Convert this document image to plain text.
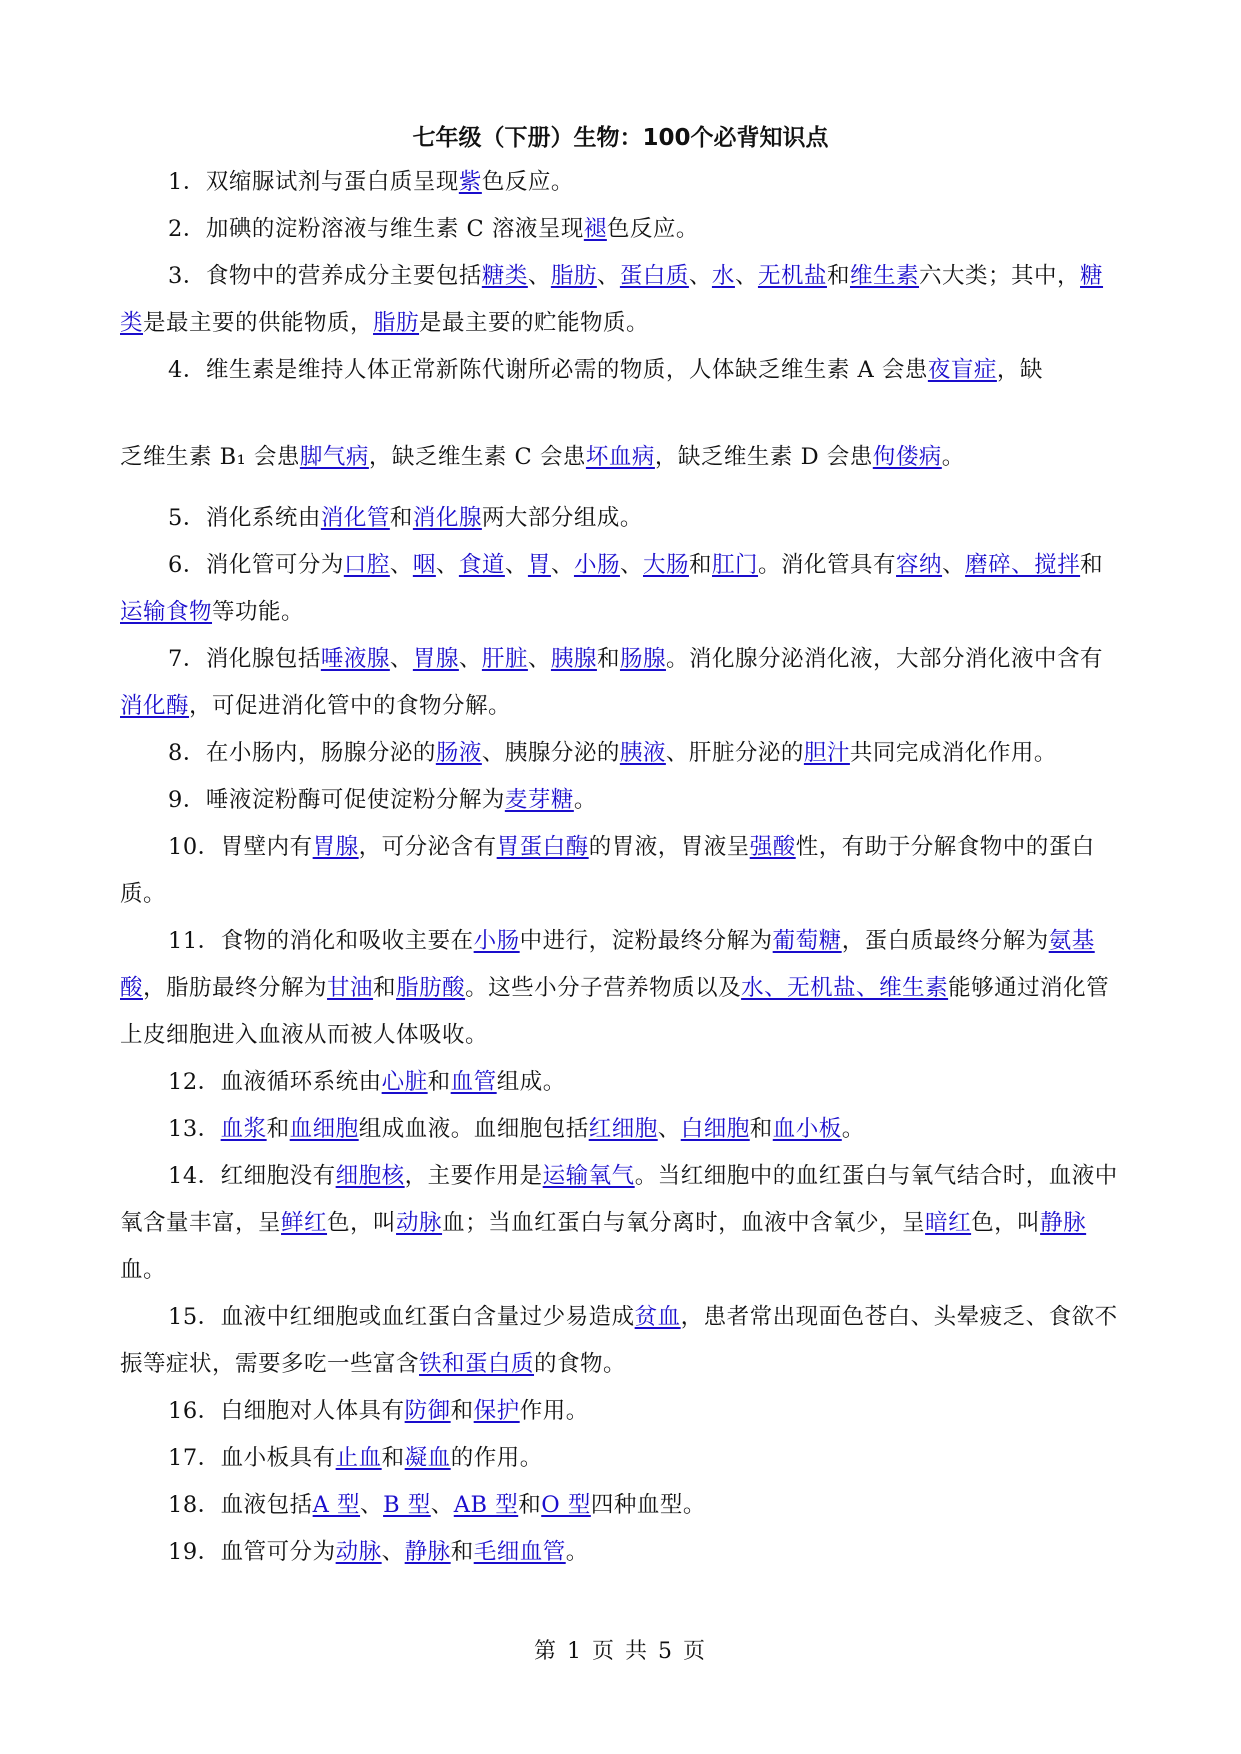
七年级（下册）生物：100个必背知识点

1．双缩脲试剂与蛋白质呈现紫色反应。

2．加碘的淀粉溶液与维生素 C 溶液呈现褪色反应。

3．食物中的营养成分主要包括糖类、脂肪、蛋白质、水、无机盐和维生素六大类；其中，糖类是最主要的供能物质，脂肪是最主要的贮能物质。

4．维生素是维持人体正常新陈代谢所必需的物质，人体缺乏维生素 A 会患夜盲症，缺

乏维生素 B₁ 会患脚气病，缺乏维生素 C 会患坏血病，缺乏维生素 D 会患佝偻病。

5．消化系统由消化管和消化腺两大部分组成。

6．消化管可分为口腔、咽、食道、胃、小肠、大肠和肛门。消化管具有容纳、磨碎、搅拌和运输食物等功能。

7．消化腺包括唾液腺、胃腺、肝脏、胰腺和肠腺。消化腺分泌消化液，大部分消化液中含有消化酶，可促进消化管中的食物分解。

8．在小肠内，肠腺分泌的肠液、胰腺分泌的胰液、肝脏分泌的胆汁共同完成消化作用。

9．唾液淀粉酶可促使淀粉分解为麦芽糖。

10．胃壁内有胃腺，可分泌含有胃蛋白酶的胃液，胃液呈强酸性，有助于分解食物中的蛋白质。

11．食物的消化和吸收主要在小肠中进行，淀粉最终分解为葡萄糖，蛋白质最终分解为氨基酸，脂肪最终分解为甘油和脂肪酸。这些小分子营养物质以及水、无机盐、维生素能够通过消化管上皮细胞进入血液从而被人体吸收。

12．血液循环系统由心脏和血管组成。

13．血浆和血细胞组成血液。血细胞包括红细胞、白细胞和血小板。

14．红细胞没有细胞核，主要作用是运输氧气。当红细胞中的血红蛋白与氧气结合时，血液中氧含量丰富，呈鲜红色，叫动脉血；当血红蛋白与氧分离时，血液中含氧少，呈暗红色，叫静脉血。

15．血液中红细胞或血红蛋白含量过少易造成贫血，患者常出现面色苍白、头晕疲乏、食欲不振等症状，需要多吃一些富含铁和蛋白质的食物。

16．白细胞对人体具有防御和保护作用。

17．血小板具有止血和凝血的作用。

18．血液包括A 型、B 型、AB 型和O 型四种血型。

19．血管可分为动脉、静脉和毛细血管。

第 1 页 共 5 页
